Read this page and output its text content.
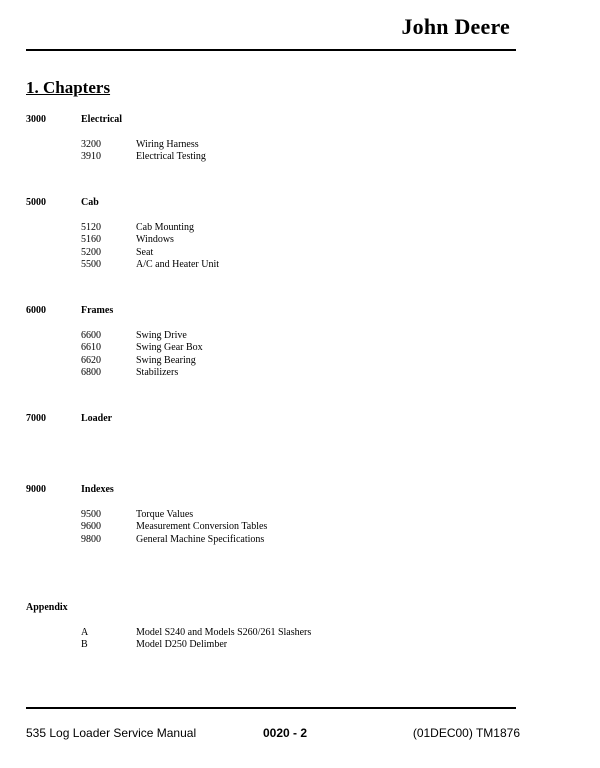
John Deere
1. Chapters
3000	Electrical
3200	Wiring Harness
3910	Electrical Testing
5000	Cab
5120	Cab Mounting
5160	Windows
5200	Seat
5500	A/C and Heater Unit
6000	Frames
6600	Swing Drive
6610	Swing Gear Box
6620	Swing Bearing
6800	Stabilizers
7000	Loader
9000	Indexes
9500	Torque Values
9600	Measurement Conversion Tables
9800	General Machine Specifications
Appendix
A	Model S240 and Models S260/261 Slashers
B	Model D250 Delimber
535 Log Loader Service Manual	0020 - 2	(01DEC00) TM1876
